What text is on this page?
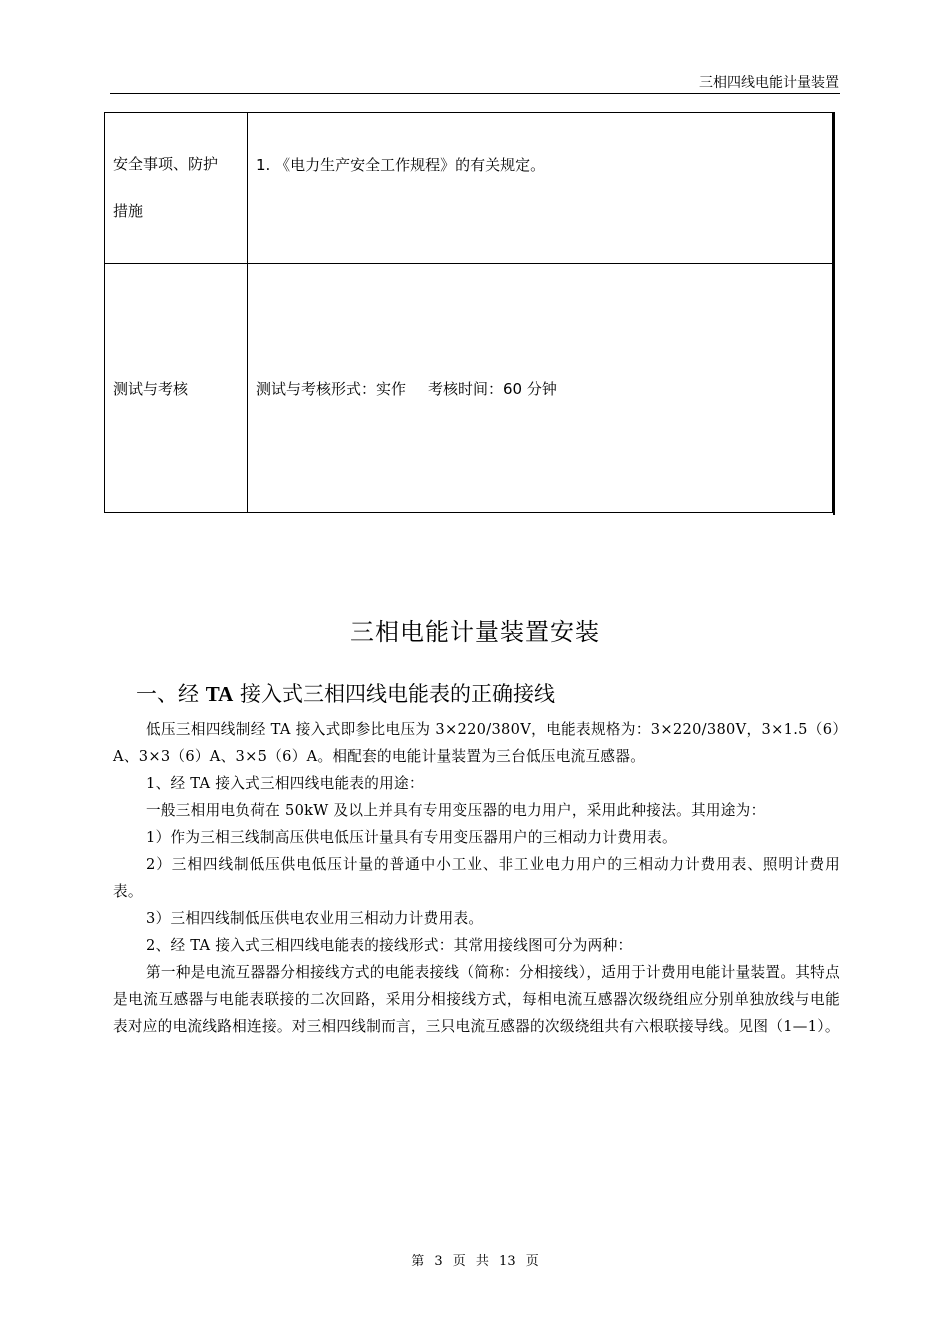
三相四线电能计量装置
安全事项、防护
措施	1. 《电力生产安全工作规程》的有关规定。
测试与考核	测试与考核形式：实作 考核时间：60 分钟
三相电能计量装置安装
一、经 TA 接入式三相四线电能表的正确接线

低压三相四线制经 TA 接入式即参比电压为 3×220/380V，电能表规格为：3×220/380V，3×1.5（6）A、3×3（6）A、3×5（6）A。相配套的电能计量装置为三台低压电流互感器。

1、经 TA 接入式三相四线电能表的用途：

一般三相用电负荷在 50kW 及以上并具有专用变压器的电力用户，采用此种接法。其用途为：

1）作为三相三线制高压供电低压计量具有专用变压器用户的三相动力计费用表。

2）三相四线制低压供电低压计量的普通中小工业、非工业电力用户的三相动力计费用表、照明计费用表。

3）三相四线制低压供电农业用三相动力计费用表。

2、经 TA 接入式三相四线电能表的接线形式：其常用接线图可分为两种：

第一种是电流互器器分相接线方式的电能表接线（简称：分相接线），适用于计费用电能计量装置。其特点是电流互感器与电能表联接的二次回路，采用分相接线方式，每相电流互感器次级绕组应分别单独放线与电能表对应的电流线路相连接。对三相四线制而言，三只电流互感器的次级绕组共有六根联接导线。见图（1—1）。

第 3 页 共 13 页
